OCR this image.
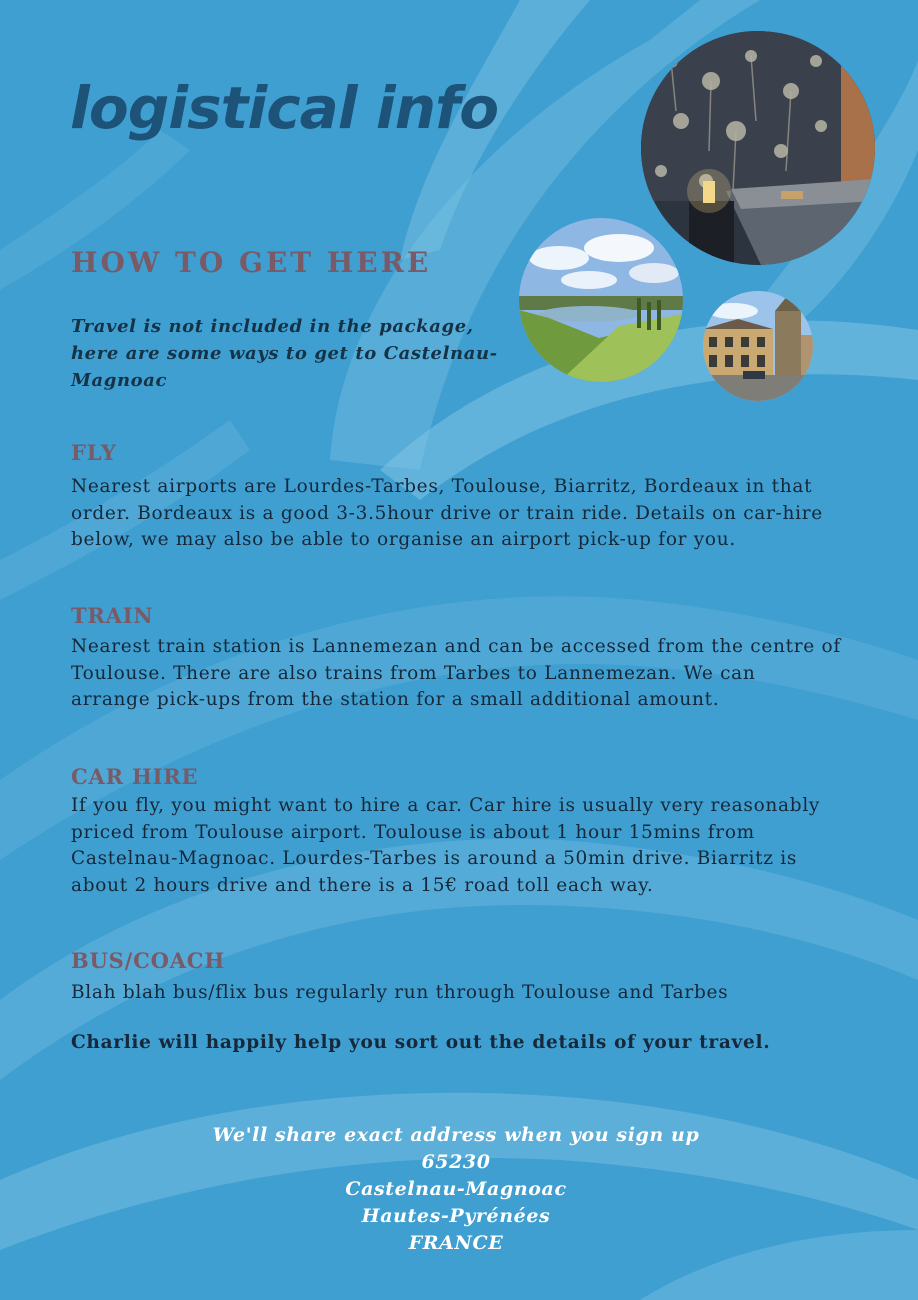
logistical info
HOW TO GET HERE

Travel is not included in the package, here are some ways to get to Castelnau-Magnoac

FLY

Nearest airports are Lourdes-Tarbes, Toulouse, Biarritz, Bordeaux in that order. Bordeaux is a good 3-3.5hour drive or train ride. Details on car-hire below, we may also be able to organise an airport pick-up for you.

TRAIN

Nearest train station is Lannemezan and can be accessed from the centre of Toulouse. There are also trains from Tarbes to Lannemezan. We can arrange pick-ups from the station for a small additional amount.

CAR HIRE

If you fly, you might want to hire a car. Car hire is usually very reasonably priced from Toulouse airport. Toulouse is about 1 hour 15mins from Castelnau-Magnoac. Lourdes-Tarbes is around a 50min drive. Biarritz is about 2 hours drive and there is a 15€ road toll each way.

BUS/COACH

Blah blah bus/flix bus regularly run through Toulouse and Tarbes

Charlie will happily help you sort out the details of your travel.

We'll share exact address when you sign up
65230
Castelnau-Magnoac
Hautes-Pyrénées
FRANCE
